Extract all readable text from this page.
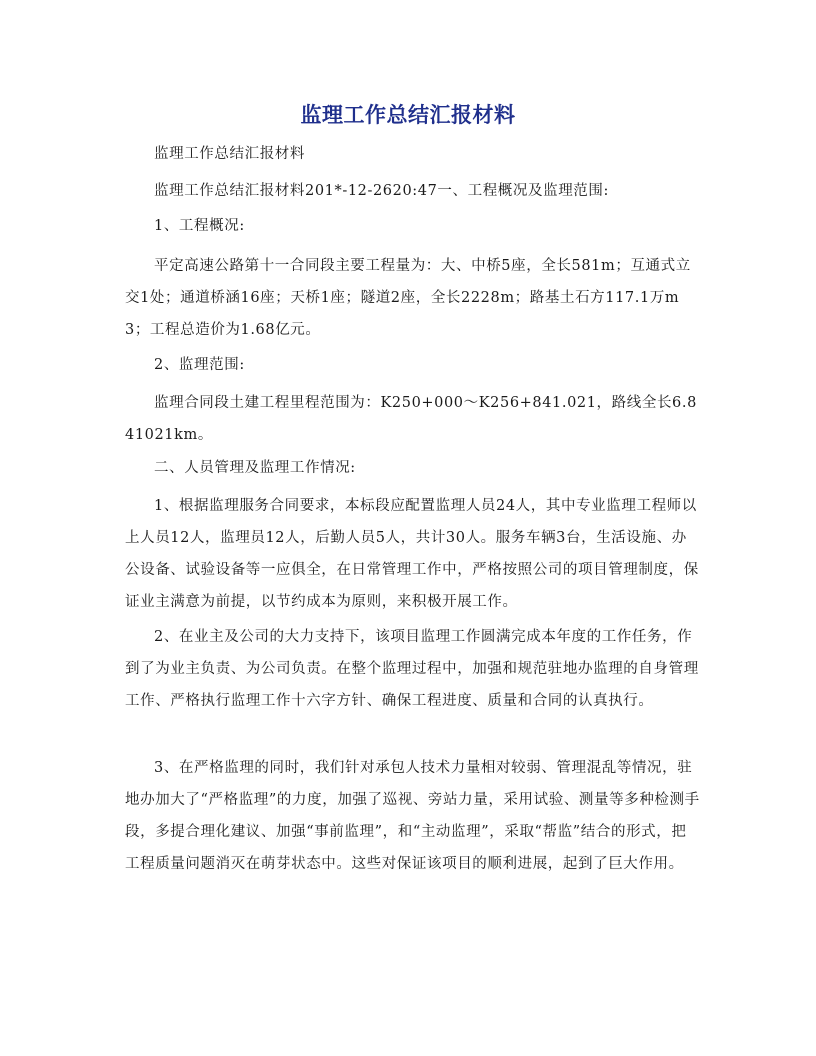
监理工作总结汇报材料

监理工作总结汇报材料

监理工作总结汇报材料201*-12-2620:47一、工程概况及监理范围:

1、工程概况:

平定高速公路第十一合同段主要工程量为：大、中桥5座，全长581m；互通式立交1处；通道桥涵16座；天桥1座；隧道2座，全长2228m；路基土石方117.1万m3；工程总造价为1.68亿元。

2、监理范围:

监理合同段土建工程里程范围为：K250+000～K256+841.021，路线全长6.841021km。

二、人员管理及监理工作情况:

1、根据监理服务合同要求，本标段应配置监理人员24人，其中专业监理工程师以上人员12人，监理员12人，后勤人员5人，共计30人。服务车辆3台，生活设施、办公设备、试验设备等一应俱全，在日常管理工作中，严格按照公司的项目管理制度，保证业主满意为前提，以节约成本为原则，来积极开展工作。

2、在业主及公司的大力支持下，该项目监理工作圆满完成本年度的工作任务，作到了为业主负责、为公司负责。在整个监理过程中，加强和规范驻地办监理的自身管理工作、严格执行监理工作十六字方针、确保工程进度、质量和合同的认真执行。

3、在严格监理的同时，我们针对承包人技术力量相对较弱、管理混乱等情况，驻地办加大了“严格监理”的力度，加强了巡视、旁站力量，采用试验、测量等多种检测手段，多提合理化建议、加强“事前监理”，和“主动监理”，采取“帮监”结合的形式，把工程质量问题消灭在萌芽状态中。这些对保证该项目的顺利进展，起到了巨大作用。
